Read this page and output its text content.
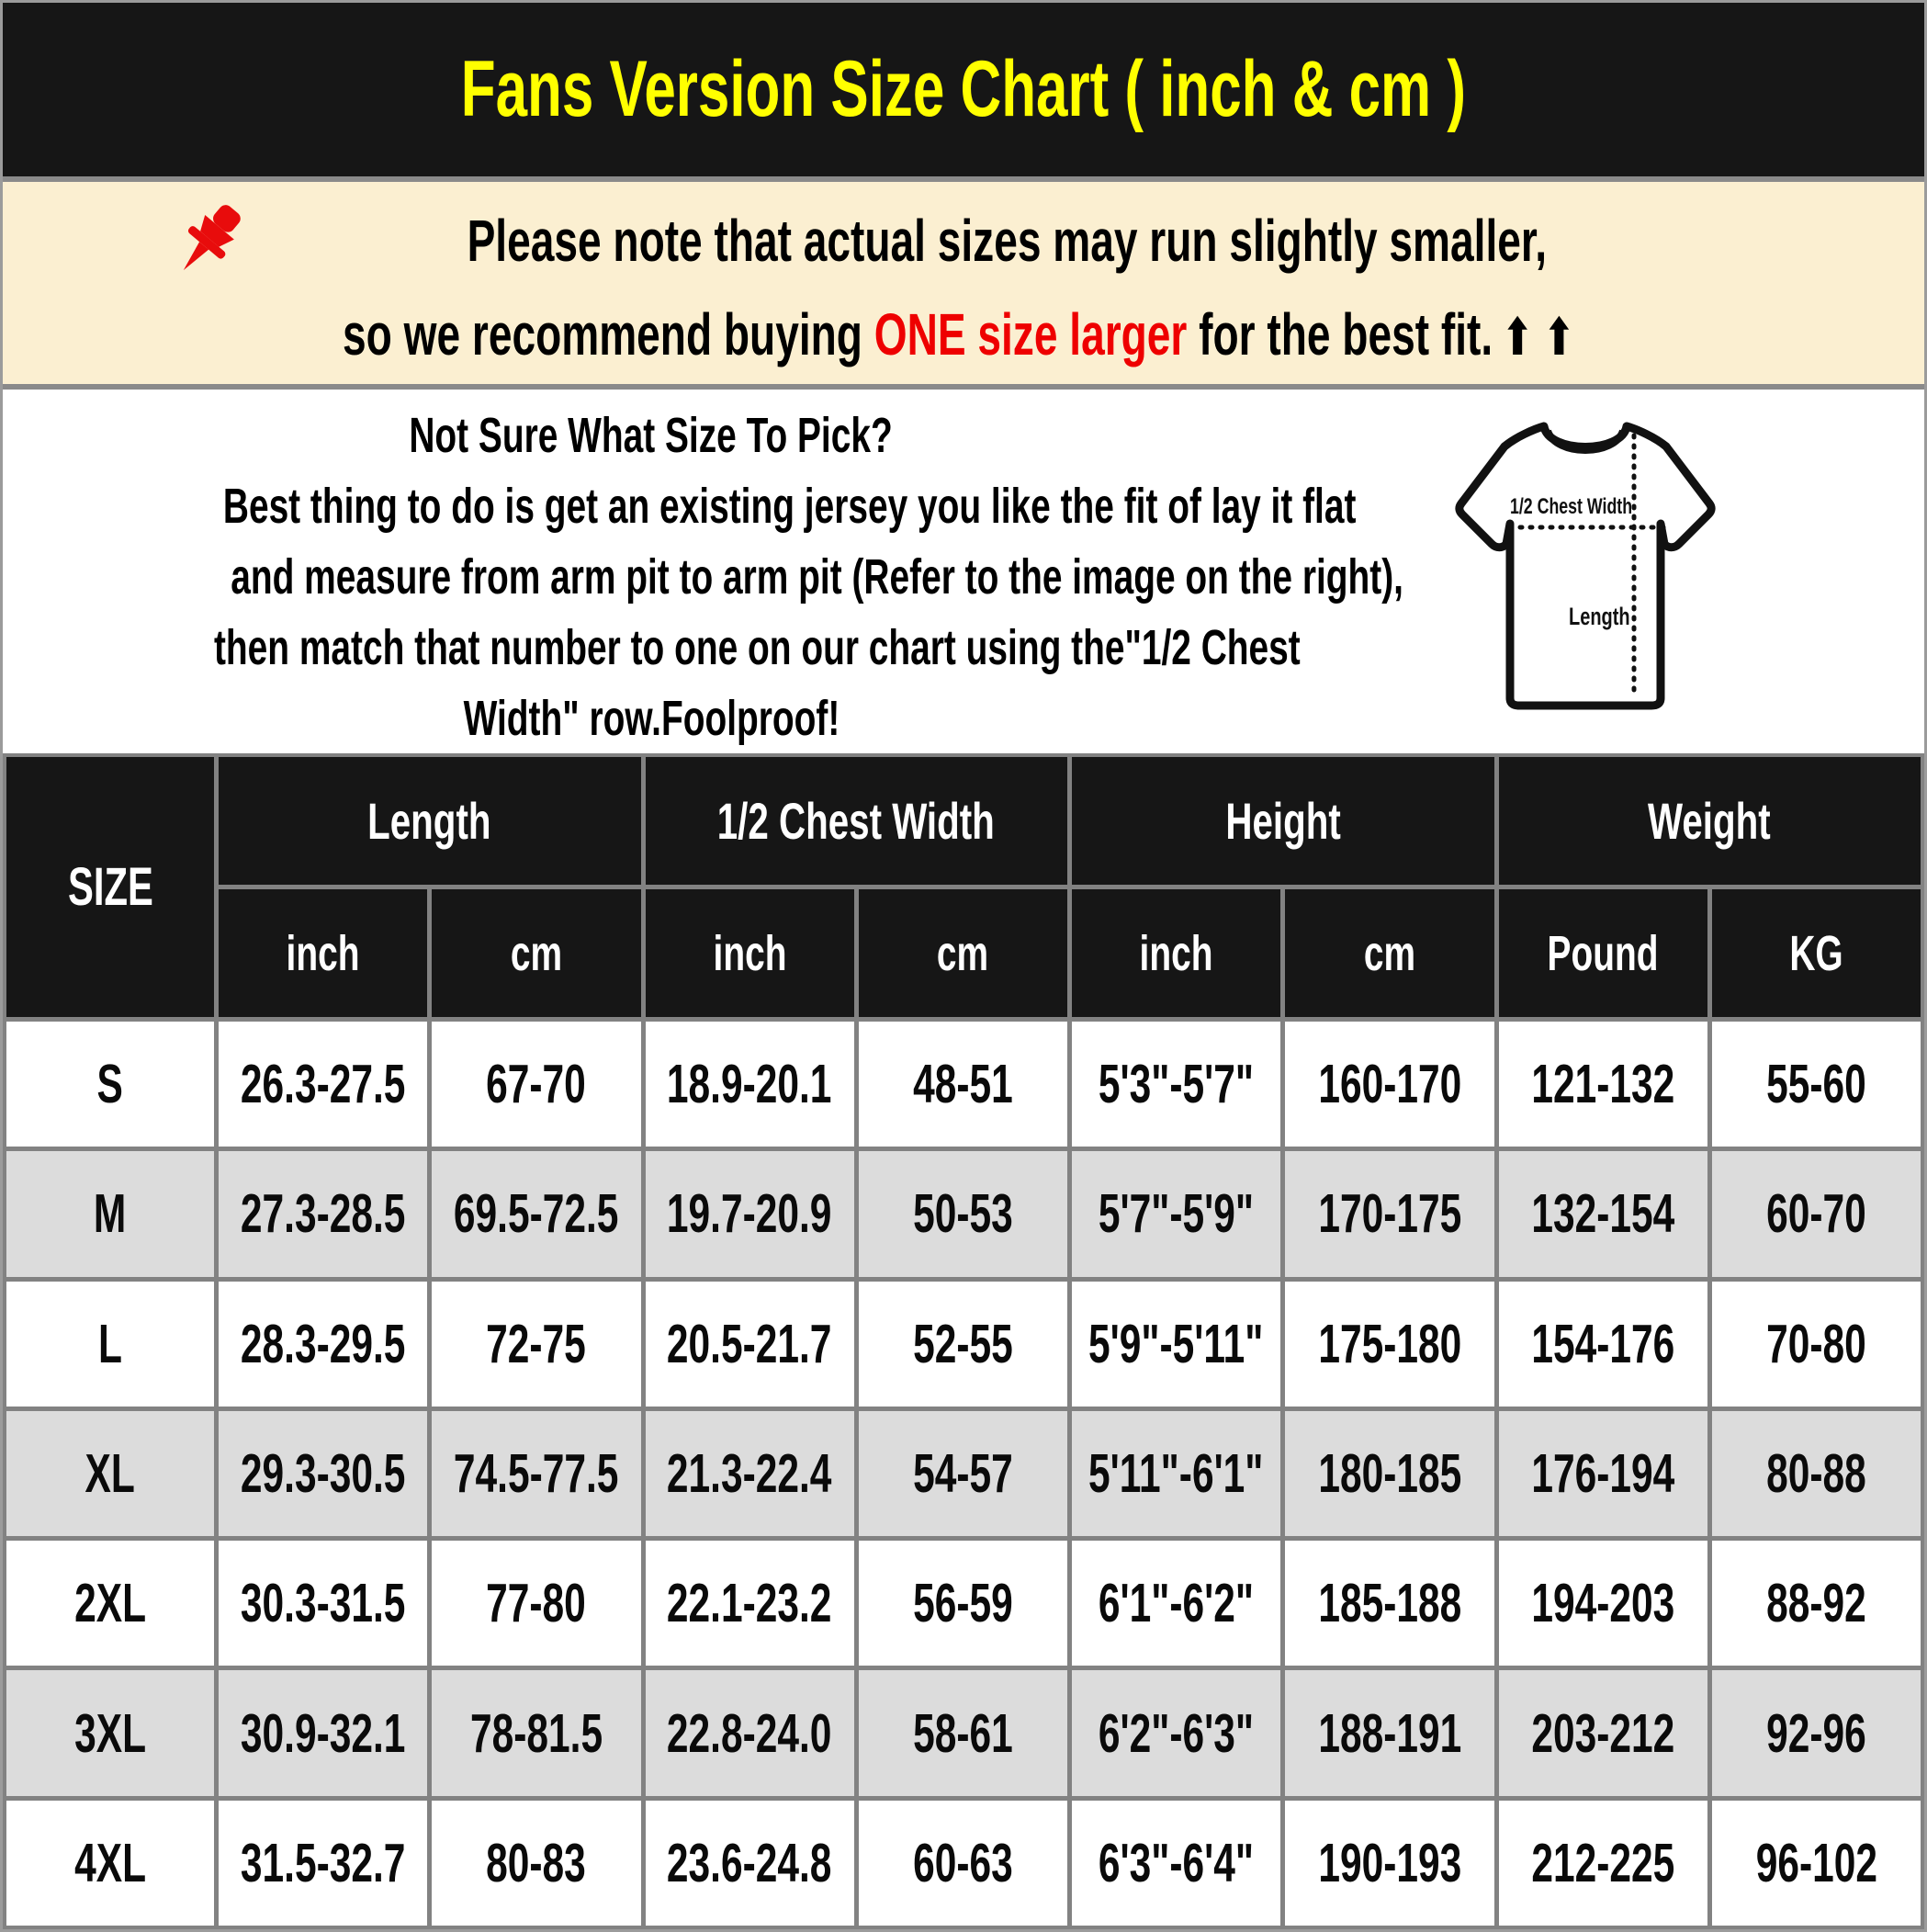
Fans Version Size Chart ( inch & cm )
Please note that actual sizes may run slightly smaller,
so we recommend buying ONE size larger for the best fit. ⬆⬆
Not Sure What Size To Pick?
Best thing to do is get an existing jersey you like the fit of lay it flat
and measure from arm pit to arm pit (Refer to the image on the right),
then match that number to one on our chart using the"1/2 Chest
Width" row.Foolproof!
1/2 Chest Width
Length
SIZE
Length	1/2 Chest Width	Height	Weight
inch	cm	inch	cm	inch	cm	Pound	KG
S 26.3-27.5 67-70 18.9-20.1 48-51 5'3"-5'7" 160-170 121-132 55-60
M 27.3-28.5 69.5-72.5 19.7-20.9 50-53 5'7"-5'9" 170-175 132-154 60-70
L 28.3-29.5 72-75 20.5-21.7 52-55 5'9"-5'11" 175-180 154-176 70-80
XL 29.3-30.5 74.5-77.5 21.3-22.4 54-57 5'11"-6'1" 180-185 176-194 80-88
2XL 30.3-31.5 77-80 22.1-23.2 56-59 6'1"-6'2" 185-188 194-203 88-92
3XL 30.9-32.1 78-81.5 22.8-24.0 58-61 6'2"-6'3" 188-191 203-212 92-96
4XL 31.5-32.7 80-83 23.6-24.8 60-63 6'3"-6'4" 190-193 212-225 96-102
